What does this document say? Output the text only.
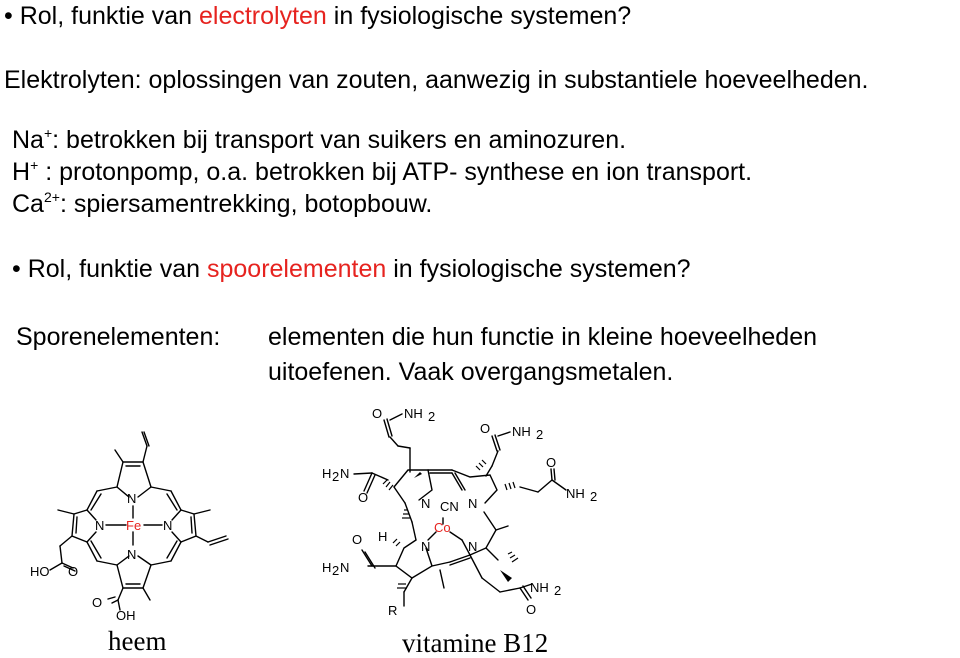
• Rol, funktie van electrolyten in fysiologische systemen?
Elektrolyten: oplossingen van zouten, aanwezig in substantiele hoeveelheden.
Na+: betrokken bij transport van suikers en aminozuren.
H+ : protonpomp, o.a. betrokken bij ATP- synthese en ion transport.
$Ca^{2+}$: spiersamentrekking, botopbouw.
• Rol, funktie van spoorelementen in fysiologische systemen?
Sporenelementen: elementen die hun functie in kleine hoeveelheden
uitoefenen. Vaak overgangsmetalen.
N
N	N
N
Fe
HO O
O
OH
O NH 2
O NH 2
H 2 N
O
NH 2
O	N CN N
H
Co
O
H 2 N
N	N
NH 2
O
R
heem	vitamine B12
